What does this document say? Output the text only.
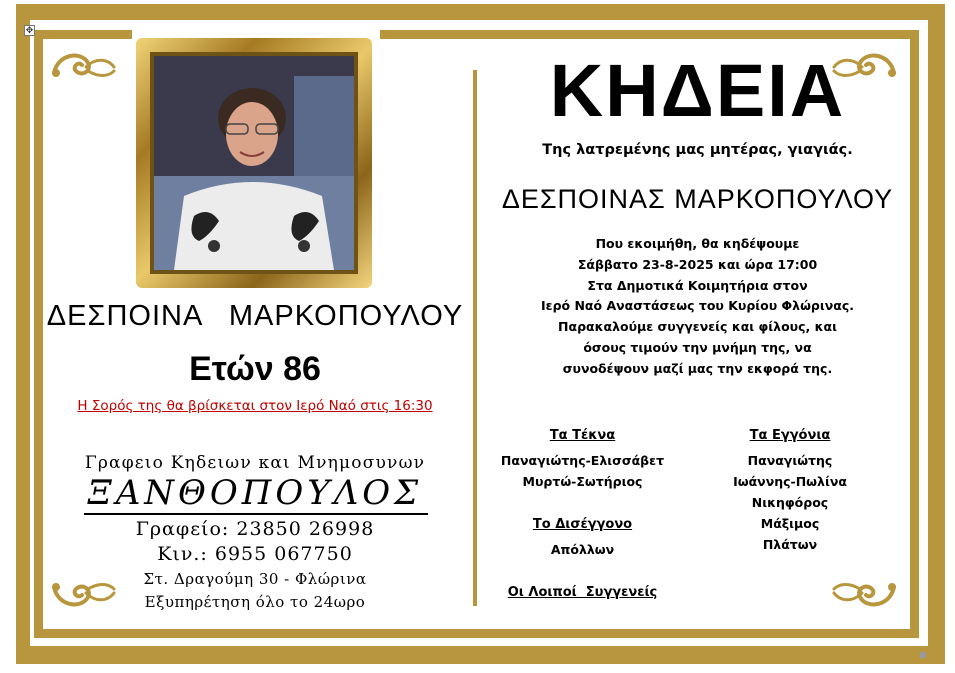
✥
ΔΕΣΠΟΙΝΑ   ΜΑΡΚΟΠΟΥΛΟΥ
Ετών 86
Η Σορός της θα βρίσκεται στον Ιερό Ναό στις 16:30
Γραφειο Κηδειων και Μνημοσυνων
ΞΑΝΘΟΠΟΥΛΟΣ
Γραφείο: 23850 26998
Κιν.: 6955 067750
Στ. Δραγούμη 30 - Φλώρινα
Εξυπηρέτηση όλο το 24ωρο
ΚΗΔΕΙΑ
Της λατρεμένης μας μητέρας, γιαγιάς.
ΔΕΣΠΟΙΝΑΣ ΜΑΡΚΟΠΟΥΛΟΥ
Που εκοιμήθη, θα κηδέψουμε
Σάββατο 23-8-2025 και ώρα 17:00
Στα Δημοτικά Κοιμητήρια στον
Ιερό Ναό Αναστάσεως του Κυρίου Φλώρινας.
Παρακαλούμε συγγενείς και φίλους, και
όσους τιμούν την μνήμη της, να
συνοδέψουν μαζί μας την εκφορά της.
Τα Τέκνα
Παναγιώτης-Ελισσάβετ
Μυρτώ-Σωτήριος
Το Δισέγγονο
Απόλλων
Οι Λοιποί  Συγγενείς
Τα Εγγόνια
Παναγιώτης
Ιωάννης-Πωλίνα
Νικηφόρος
Μάξιμος
Πλάτων
